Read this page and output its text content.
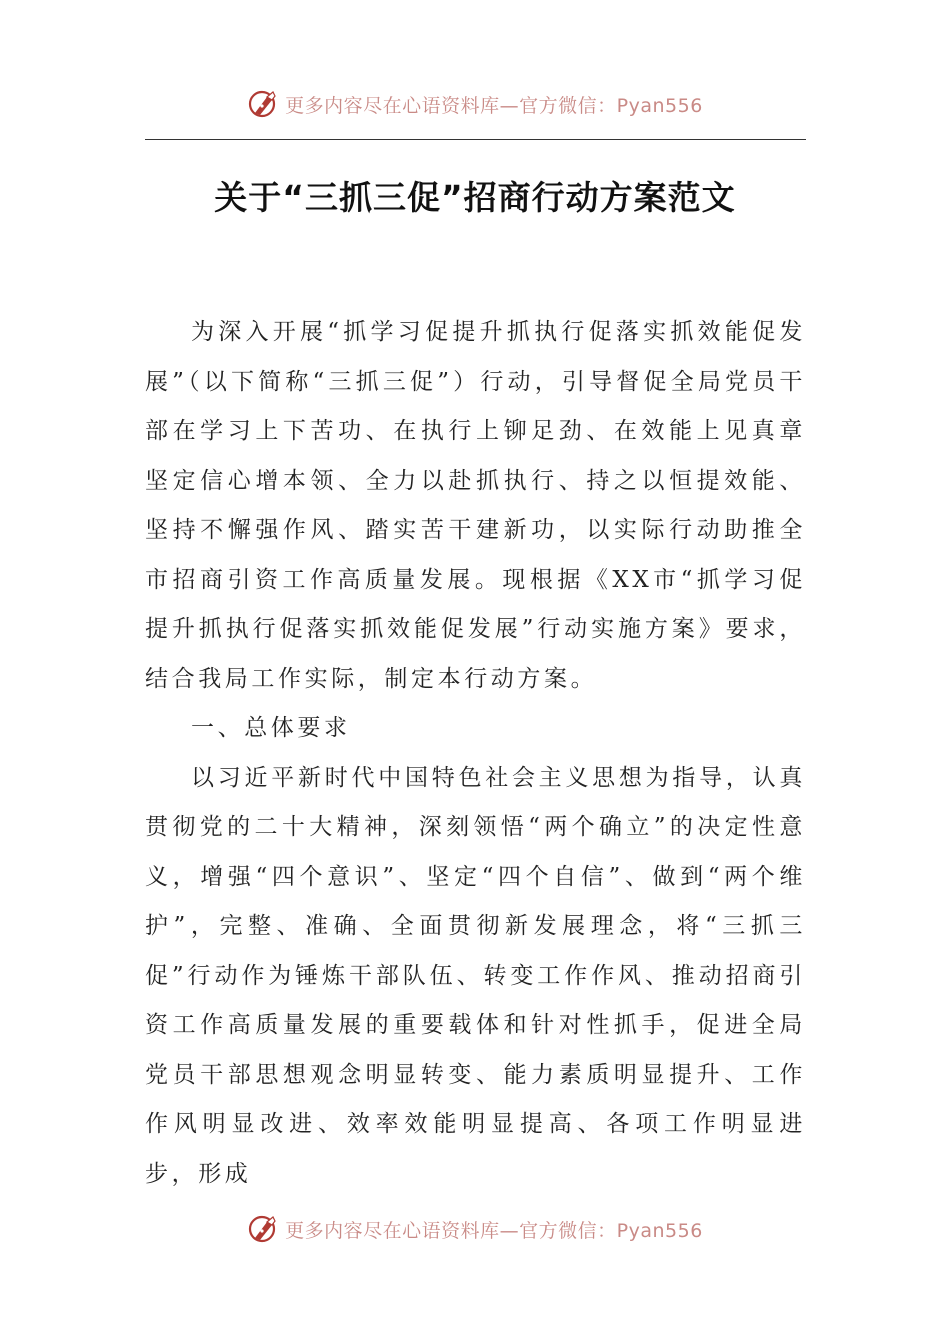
更多内容尽在心语资料库—官方微信：Pyan556
关于“三抓三促”招商行动方案范文

为深入开展“抓学习促提升抓执行促落实抓效能促发展”（以下简称“三抓三促”）行动，引导督促全局党员干部在学习上下苦功、在执行上铆足劲、在效能上见真章坚定信心增本领、全力以赴抓执行、持之以恒提效能、坚持不懈强作风、踏实苦干建新功，以实际行动助推全市招商引资工作高质量发展。现根据《XX市“抓学习促提升抓执行促落实抓效能促发展”行动实施方案》要求，结合我局工作实际，制定本行动方案。

一、总体要求

以习近平新时代中国特色社会主义思想为指导，认真贯彻党的二十大精神，深刻领悟“两个确立”的决定性意义，增强“四个意识”、坚定“四个自信”、做到“两个维护”，完整、准确、全面贯彻新发展理念，将“三抓三促”行动作为锤炼干部队伍、转变工作作风、推动招商引资工作高质量发展的重要载体和针对性抓手，促进全局党员干部思想观念明显转变、能力素质明显提升、工作作风明显改进、效率效能明显提高、各项工作明显进步，形成

更多内容尽在心语资料库—官方微信：Pyan556
